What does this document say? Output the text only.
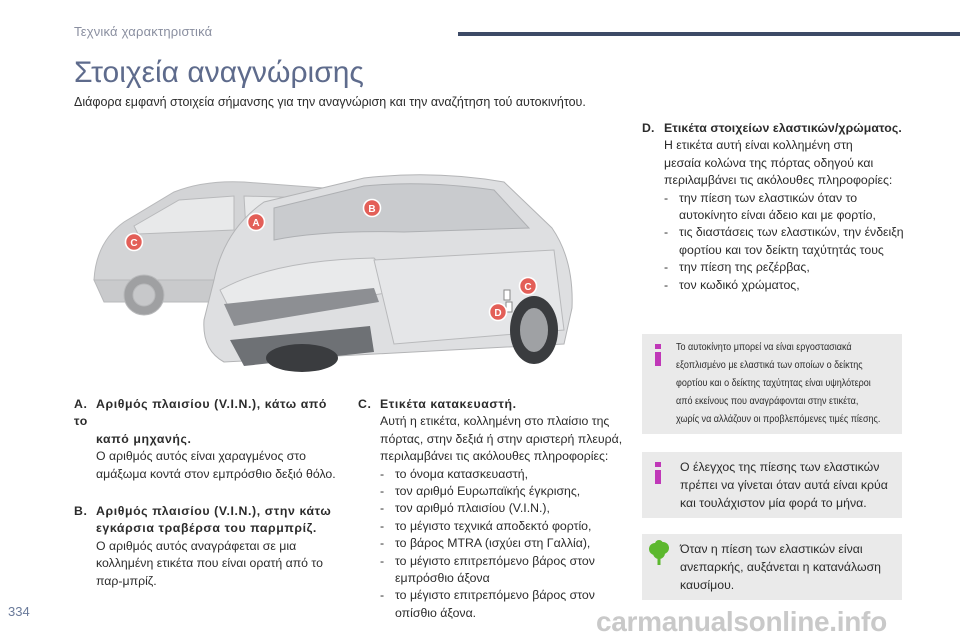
Τεχνικά χαρακτηριστικά
Στοιχεία αναγνώρισης
Διάφορα εμφανή στοιχεία σήμανσης για την αναγνώριση και την αναζήτηση τού αυτοκινήτου.
A
B
C
C
D
A. Αριθμός πλαισίου (V.I.N.), κάτω από το
καπό μηχανής.
Ο αριθμός αυτός είναι χαραγμένος στο
αμάξωμα κοντά στον εμπρόσθιο δεξιό θόλο.
B. Αριθμός πλαισίου (V.I.N.), στην κάτω
εγκάρσια τραβέρσα του παρμπρίζ.
Ο αριθμός αυτός αναγράφεται σε μια
κολλημένη ετικέτα που είναι ορατή από το
παρ-μπρίζ.
C. Ετικέτα κατακευαστή.
Αυτή η ετικέτα, κολλημένη στο πλαίσιο της
πόρτας, στην δεξιά ή στην αριστερή πλευρά,
περιλαμβάνει τις ακόλουθες πληροφορίες:
- το όνομα κατασκευαστή,
- τον αριθμό Ευρωπαϊκής έγκρισης,
- τον αριθμό πλαισίου (V.I.N.),
- το μέγιστο τεχνικά αποδεκτό φορτίο,
- το βάρος MTRA (ισχύει στη Γαλλία),
- το μέγιστο επιτρεπόμενο βάρος στον
εμπρόσθιο άξονα
- το μέγιστο επιτρεπόμενο βάρος στον
οπίσθιο άξονα.
D. Ετικέτα στοιχείων ελαστικών/χρώματος.
Η ετικέτα αυτή είναι κολλημένη στη
μεσαία κολώνα της πόρτας οδηγού και
περιλαμβάνει τις ακόλουθες πληροφορίες:
- την πίεση των ελαστικών όταν το
αυτοκίνητο είναι άδειο και με φορτίο,
- τις διαστάσεις των ελαστικών, την ένδειξη
φορτίου και τον δείκτη ταχύτητάς τους
- την πίεση της ρεζέρβας,
- τον κωδικό χρώματος,
Το αυτοκίνητο μπορεί να είναι εργοστασιακά
εξοπλισμένο με ελαστικά των οποίων ο δείκτης
φορτίου και ο δείκτης ταχύτητας είναι υψηλότεροι
από εκείνους που αναγράφονται στην ετικέτα,
χωρίς να αλλάζουν οι προβλεπόμενες τιμές πίεσης.
Ο έλεγχος της πίεσης των ελαστικών
πρέπει να γίνεται όταν αυτά είναι κρύα
και τουλάχιστον μία φορά το μήνα.
Όταν η πίεση των ελαστικών είναι
ανεπαρκής, αυξάνεται η κατανάλωση
καυσίμου.
334	carmanualsonline.info
